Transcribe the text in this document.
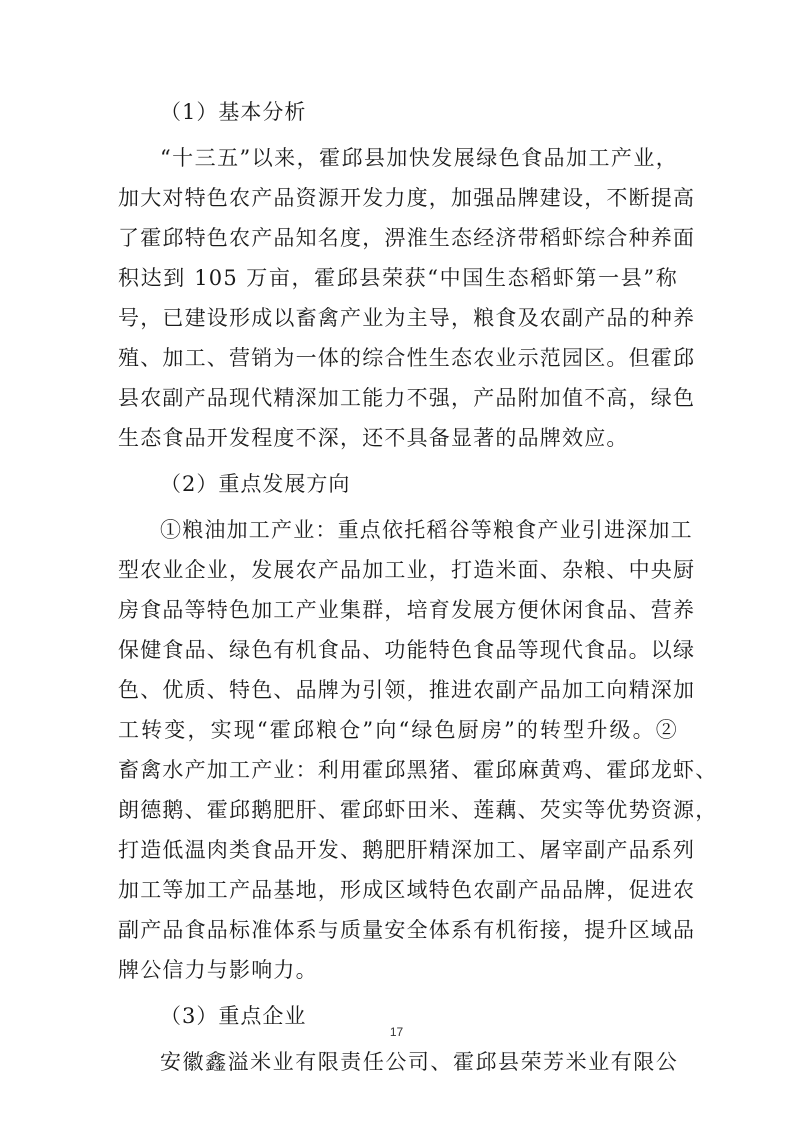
（1）基本分析
“十三五”以来，霍邱县加快发展绿色食品加工产业，
加大对特色农产品资源开发力度，加强品牌建设，不断提高
了霍邱特色农产品知名度，淠淮生态经济带稻虾综合种养面
积达到 105 万亩，霍邱县荣获“中国生态稻虾第一县”称
号，已建设形成以畜禽产业为主导，粮食及农副产品的种养
殖、加工、营销为一体的综合性生态农业示范园区。但霍邱
县农副产品现代精深加工能力不强，产品附加值不高，绿色
生态食品开发程度不深，还不具备显著的品牌效应。
（2）重点发展方向
①粮油加工产业：重点依托稻谷等粮食产业引进深加工
型农业企业，发展农产品加工业，打造米面、杂粮、中央厨
房食品等特色加工产业集群，培育发展方便休闲食品、营养
保健食品、绿色有机食品、功能特色食品等现代食品。以绿
色、优质、特色、品牌为引领，推进农副产品加工向精深加
工转变，实现“霍邱粮仓”向“绿色厨房”的转型升级。②
畜禽水产加工产业：利用霍邱黑猪、霍邱麻黄鸡、霍邱龙虾、
朗德鹅、霍邱鹅肥肝、霍邱虾田米、莲藕、芡实等优势资源，
打造低温肉类食品开发、鹅肥肝精深加工、屠宰副产品系列
加工等加工产品基地，形成区域特色农副产品品牌，促进农
副产品食品标准体系与质量安全体系有机衔接，提升区域品
牌公信力与影响力。
（3）重点企业
安徽鑫溢米业有限责任公司、霍邱县荣芳米业有限公
17
